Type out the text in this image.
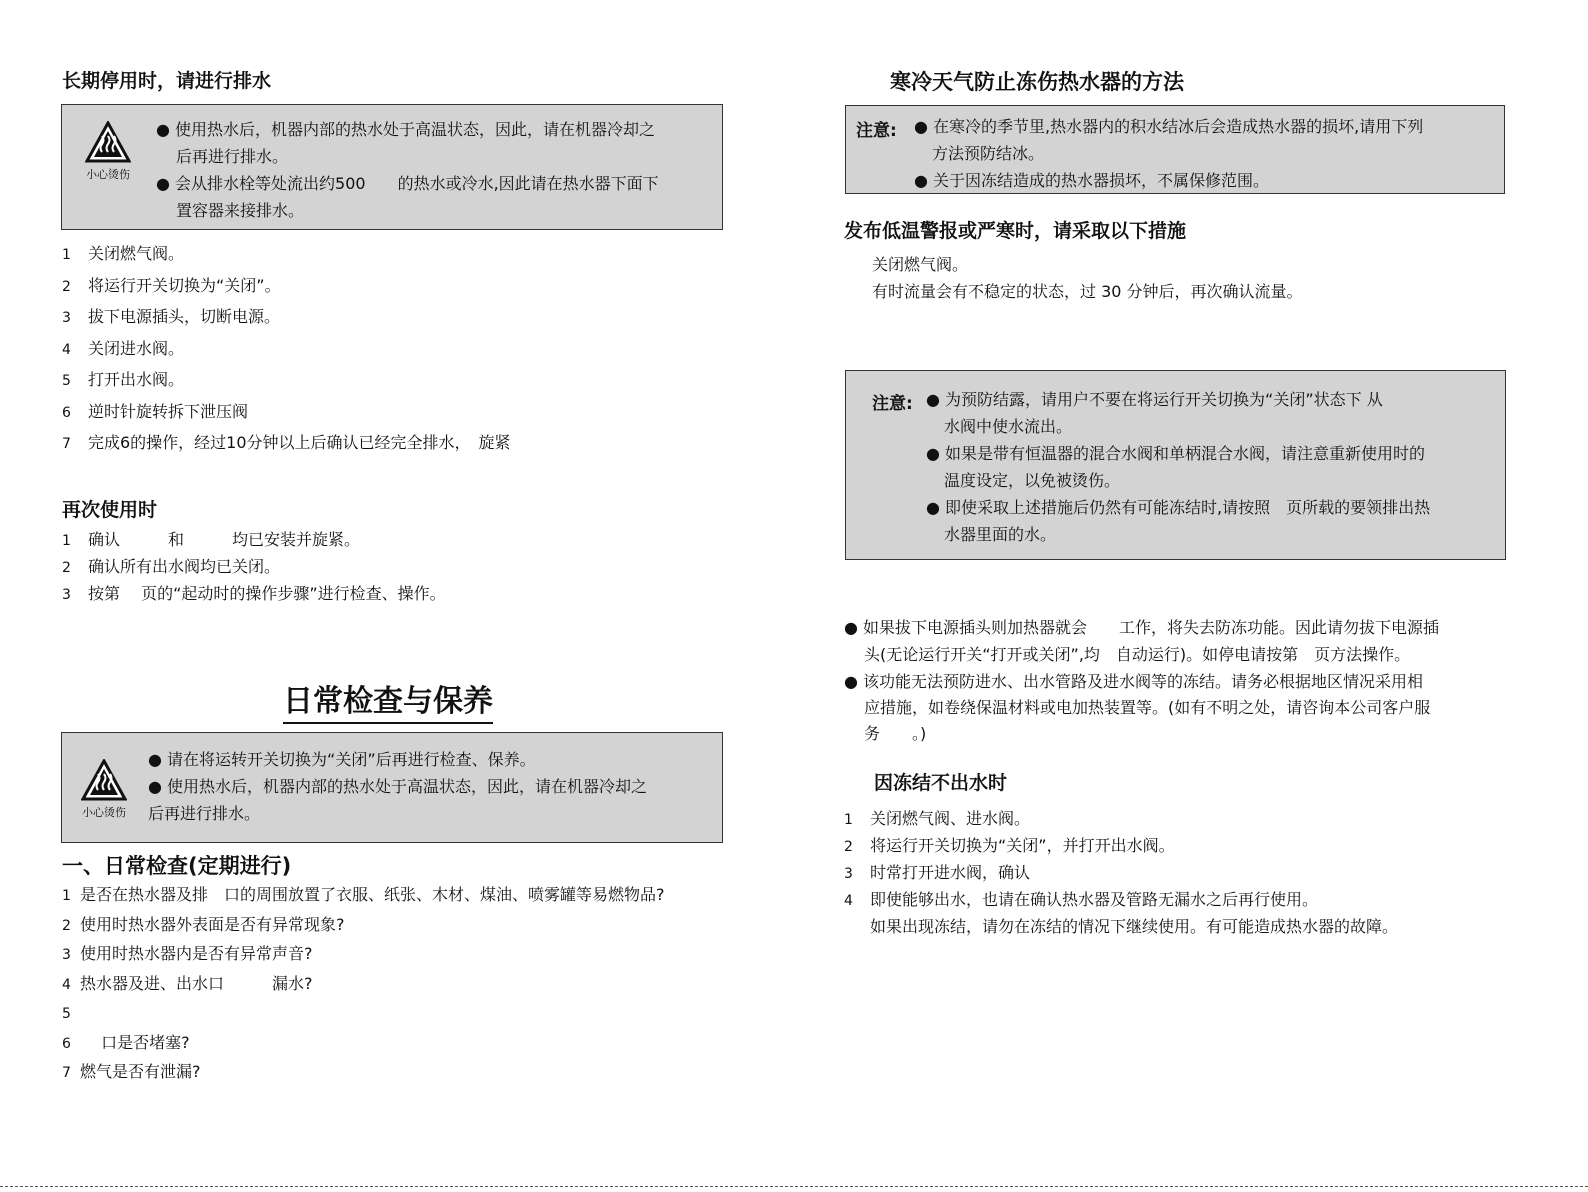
长期停用时，请进行排水
小心烫伤
● 使用热水后，机器内部的热水处于高温状态，因此，请在机器冷却之
后再进行排水。
● 会从排水栓等处流出约500　　的热水或冷水,因此请在热水器下面下
置容器来接排水。
1 关闭燃气阀。
2 将运行开关切换为“关闭”。
3 拔下电源插头，切断电源。
4 关闭进水阀。
5 打开出水阀。
6 逆时针旋转拆下泄压阀
7 完成6的操作，经过10分钟以上后确认已经完全排水，　旋紧
再次使用时
1 确认　　　和　　　均已安装并旋紧。
2 确认所有出水阀均已关闭。
3 按第　 页的“起动时的操作步骤”进行检查、操作。
日常检查与保养
小心烫伤
● 请在将运转开关切换为“关闭”后再进行检查、保养。
● 使用热水后，机器内部的热水处于高温状态，因此，请在机器冷却之
后再进行排水。
一、日常检查(定期进行)
1 是否在热水器及排　口的周围放置了衣服、纸张、木材、煤油、喷雾罐等易燃物品?
2 使用时热水器外表面是否有异常现象?
3 使用时热水器内是否有异常声音?
4 热水器及进、出水口　　　漏水?
5
6　 口是否堵塞?
7 燃气是否有泄漏?
寒冷天气防止冻伤热水器的方法
注意: ● 在寒冷的季节里,热水器内的积水结冰后会造成热水器的损坏,请用下列
方法预防结冰。
● 关于因冻结造成的热水器损坏，不属保修范围。
发布低温警报或严寒时，请采取以下措施
关闭燃气阀。
有时流量会有不稳定的状态，过 30 分钟后，再次确认流量。
注意: ● 为预防结露，请用户不要在将运行开关切换为“关闭”状态下 从
水阀中使水流出。
● 如果是带有恒温器的混合水阀和单柄混合水阀，请注意重新使用时的
温度设定，以免被烫伤。
● 即使采取上述措施后仍然有可能冻结时,请按照　页所载的要领排出热
水器里面的水。
● 如果拔下电源插头则加热器就会　　工作，将失去防冻功能。因此请勿拔下电源插
头(无论运行开关“打开或关闭”,均　自动运行)。如停电请按第　页方法操作。
● 该功能无法预防进水、出水管路及进水阀等的冻结。请务必根据地区情况采用相
应措施，如卷绕保温材料或电加热装置等。(如有不明之处，请咨询本公司客户服
务　　。)
因冻结不出水时
1 关闭燃气阀、进水阀。
2 将运行开关切换为“关闭”，并打开出水阀。
3 时常打开进水阀，确认
4 即使能够出水，也请在确认热水器及管路无漏水之后再行使用。
如果出现冻结，请勿在冻结的情况下继续使用。有可能造成热水器的故障。
